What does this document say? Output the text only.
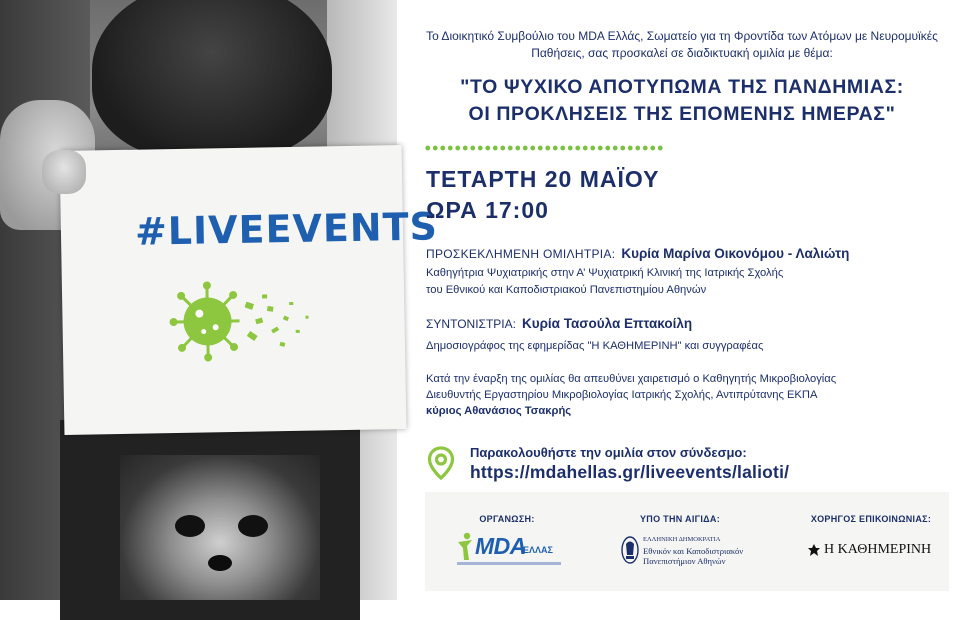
#LIVEEVENTS

Το Διοικητικό Συμβούλιο του MDA Ελλάς, Σωματείο για τη Φροντίδα των Ατόμων με Νευρομυϊκές Παθήσεις, σας προσκαλεί σε διαδικτυακή ομιλία με θέμα:

"ΤΟ ΨΥΧΙΚΟ ΑΠΟΤΥΠΩΜΑ ΤΗΣ ΠΑΝΔΗΜΙΑΣ:
ΟΙ ΠΡΟΚΛΗΣΕΙΣ ΤΗΣ ΕΠΟΜΕΝΗΣ ΗΜΕΡΑΣ"
ΤΕΤΑΡΤΗ 20 ΜΑΪΟΥ
ΩΡΑ 17:00
ΠΡΟΣΚΕΚΛΗΜΕΝΗ ΟΜΙΛΗΤΡΙΑ: Κυρία Μαρίνα Οικονόμου - Λαλιώτη
Καθηγήτρια Ψυχιατρικής στην Α’ Ψυχιατρική Κλινική της Ιατρικής Σχολής
του Εθνικού και Καποδιστριακού Πανεπιστημίου Αθηνών
ΣΥΝΤΟΝΙΣΤΡΙΑ: Κυρία Τασούλα Επτακοίλη
Δημοσιογράφος της εφημερίδας "Η ΚΑΘΗΜΕΡΙΝΗ" και συγγραφέας
Κατά την έναρξη της ομιλίας θα απευθύνει χαιρετισμό ο Καθηγητής Μικροβιολογίας
Διευθυντής Εργαστηρίου Μικροβιολογίας Ιατρικής Σχολής, Αντιπρύτανης ΕΚΠΑ
κύριος Αθανάσιος Τσακρής
Παρακολουθήστε την ομιλία στον σύνδεσμο:
https://mdahellas.gr/liveevents/lalioti/
ΟΡΓΑΝΩΣΗ:
MDA
ΕΛΛΑΣ
ΥΠΟ ΤΗΝ ΑΙΓΙΔΑ:
ΕΛΛΗΝΙΚΗ ΔΗΜΟΚΡΑΤΙΑ
Εθνικόν και Καποδιστριακόν
Πανεπιστήμιον Αθηνών
ΧΟΡΗΓΟΣ ΕΠΙΚΟΙΝΩΝΙΑΣ:
Η ΚΑΘΗΜΕΡΙΝΗ
